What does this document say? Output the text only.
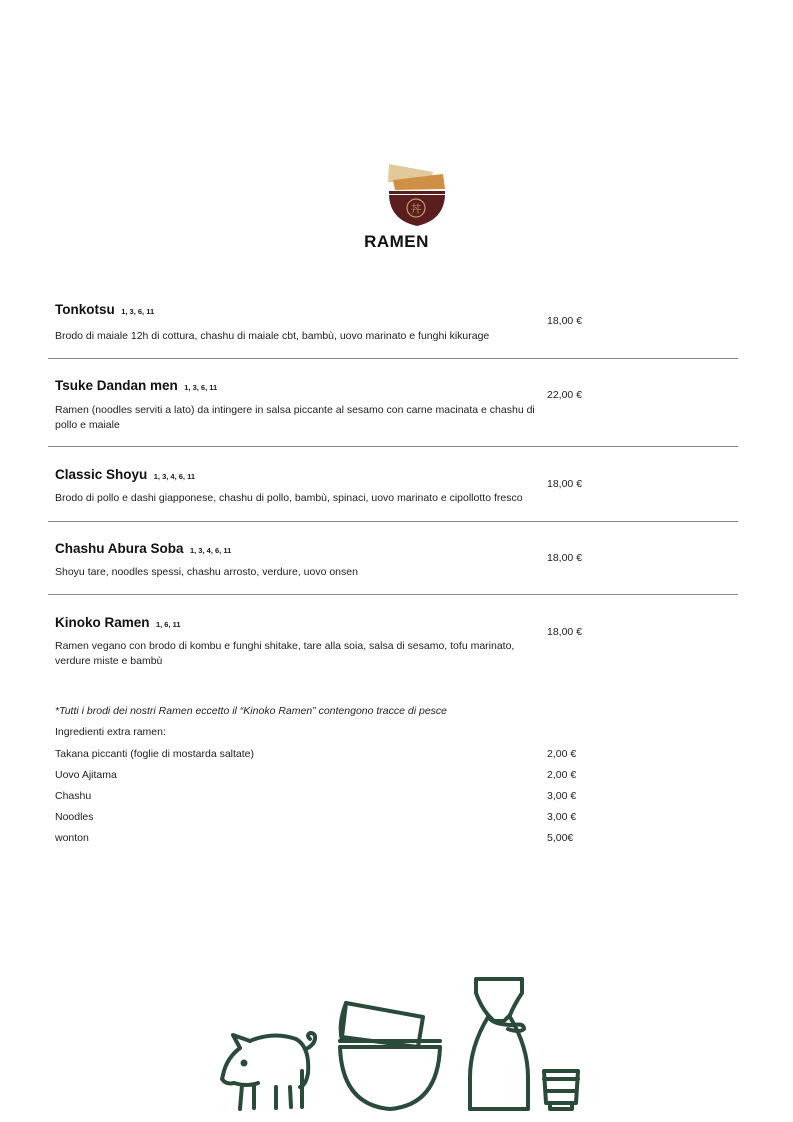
丼
RAMEN
Tonkotsu 1, 3, 6, 11
Brodo di maiale 12h di cottura, chashu di maiale cbt, bambù, uovo marinato e funghi kikurage
18,00 €
Tsuke Dandan men 1, 3, 6, 11
Ramen (noodles serviti a lato) da intingere in salsa piccante al sesamo con carne macinata e chashu di pollo e maiale
22,00 €
Classic Shoyu 1, 3, 4, 6, 11
Brodo di pollo e dashi giapponese, chashu di pollo, bambù, spinaci, uovo marinato e cipollotto fresco
18,00 €
Chashu Abura Soba 1, 3, 4, 6, 11
Shoyu tare, noodles spessi, chashu arrosto, verdure, uovo onsen
18,00 €
Kinoko Ramen 1, 6, 11
Ramen vegano con brodo di kombu e funghi shitake, tare alla soia, salsa di sesamo, tofu marinato, verdure miste e bambù
18,00 €
*Tutti i brodi dei nostri Ramen eccetto il “Kinoko Ramen” contengono tracce di pesce
Ingredienti extra ramen:
Takana piccanti (foglie di mostarda saltate)	2,00 €
Uovo Ajitama	2,00 €
Chashu	3,00 €
Noodles	3,00 €
wonton	5,00€
